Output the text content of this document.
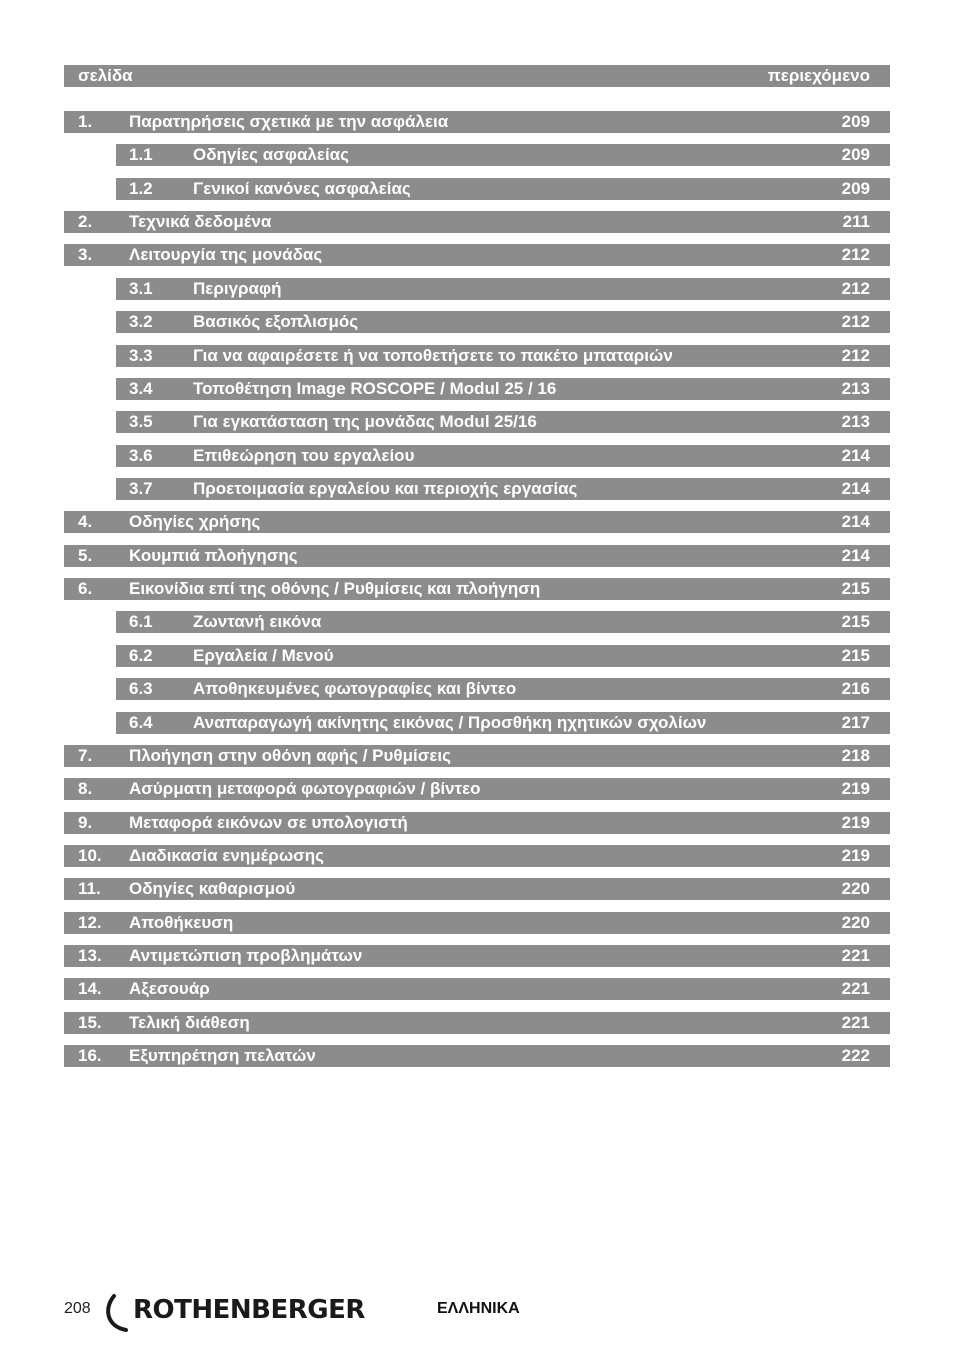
σελίδα	περιεχόμενο
1. Παρατηρήσεις σχετικά με την ασφάλεια	209
1.1 Οδηγίες ασφαλείας	209
1.2 Γενικοί κανόνες ασφαλείας	209
2. Τεχνικά δεδομένα	211
3. Λειτουργία της μονάδας	212
3.1 Περιγραφή	212
3.2 Βασικός εξοπλισμός	212
3.3 Για να αφαιρέσετε ή να τοποθετήσετε το πακέτο μπαταριών	212
3.4 Τοποθέτηση Image ROSCOPE / Modul 25 / 16	213
3.5 Για εγκατάσταση της μονάδας Modul 25/16	213
3.6 Επιθεώρηση του εργαλείου	214
3.7 Προετοιμασία εργαλείου και περιοχής εργασίας	214
4. Οδηγίες χρήσης	214
5. Κουμπιά πλοήγησης	214
6. Εικονίδια επί της οθόνης / Ρυθμίσεις και πλοήγηση	215
6.1 Ζωντανή εικόνα	215
6.2 Εργαλεία / Μενού	215
6.3 Αποθηκευμένες φωτογραφίες και βίντεο	216
6.4 Αναπαραγωγή ακίνητης εικόνας / Προσθήκη ηχητικών σχολίων	217
7. Πλοήγηση στην οθόνη αφής / Ρυθμίσεις	218
8. Ασύρματη μεταφορά φωτογραφιών / βίντεο	219
9. Μεταφορά εικόνων σε υπολογιστή	219
10. Διαδικασία ενημέρωσης	219
11. Οδηγίες καθαρισμού	220
12. Αποθήκευση	220
13. Αντιμετώπιση προβλημάτων	221
14. Αξεσουάρ	221
15. Τελική διάθεση	221
16. Εξυπηρέτηση πελατών	222
208 ROTHENBERGER	ΕΛΛΗΝΙΚΑ
